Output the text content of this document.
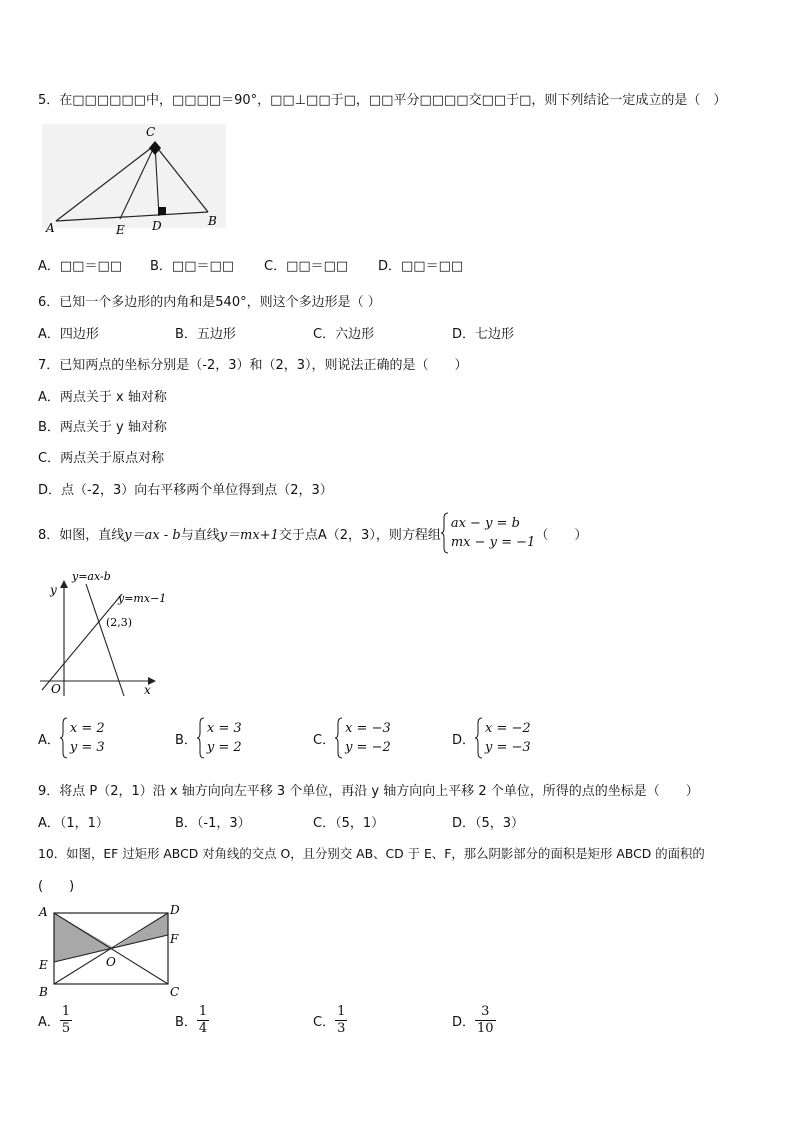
5．在□□□□□□中，□□□□＝90°，□□⊥□□于□，□□平分□□□□交□□于□，则下列结论一定成立的是（　）
C
A	E D	B
A．□□＝□□ B．□□＝□□ C．□□＝□□ D．□□＝□□
6．已知一个多边形的内角和是540°，则这个多边形是（ ）
A．四边形	B．五边形	C．六边形	D．七边形
7．已知两点的坐标分别是（-2，3）和（2，3），则说法正确的是（　　）
A．两点关于 x 轴对称
B．两点关于 y 轴对称
C．两点关于原点对称
D．点（-2，3）向右平移两个单位得到点（2，3）
8．如图，直线 y＝ax - b 与直线 y＝mx+1 交于点 A（2，3），则方程组
ax − y = b
mx − y = −1 （　　）
y=ax-b
y=mx−1
(2,3)
y
x
O
A．
x = 2
y = 3	B．
x = 3
y = 2	C．
x = −3
y = −2	D．
x = −2
y = −3
9．将点 P（2，1）沿 x 轴方向向左平移 3 个单位，再沿 y 轴方向向上平移 2 个单位，所得的点的坐标是（　　）
A．（1，1）	B．（-1，3）	C．（5，1）	D．（5，3）
10．如图，EF 过矩形 ABCD 对角线的交点 O，且分别交 AB、CD 于 E、F，那么阴影部分的面积是矩形 ABCD 的面积的
(　　)
A	D
F
O
E
B	C
A． $\frac{1}{5}$	B． $\frac{1}{4}$	C． $\frac{1}{3}$	D． $\frac{3}{10}$
